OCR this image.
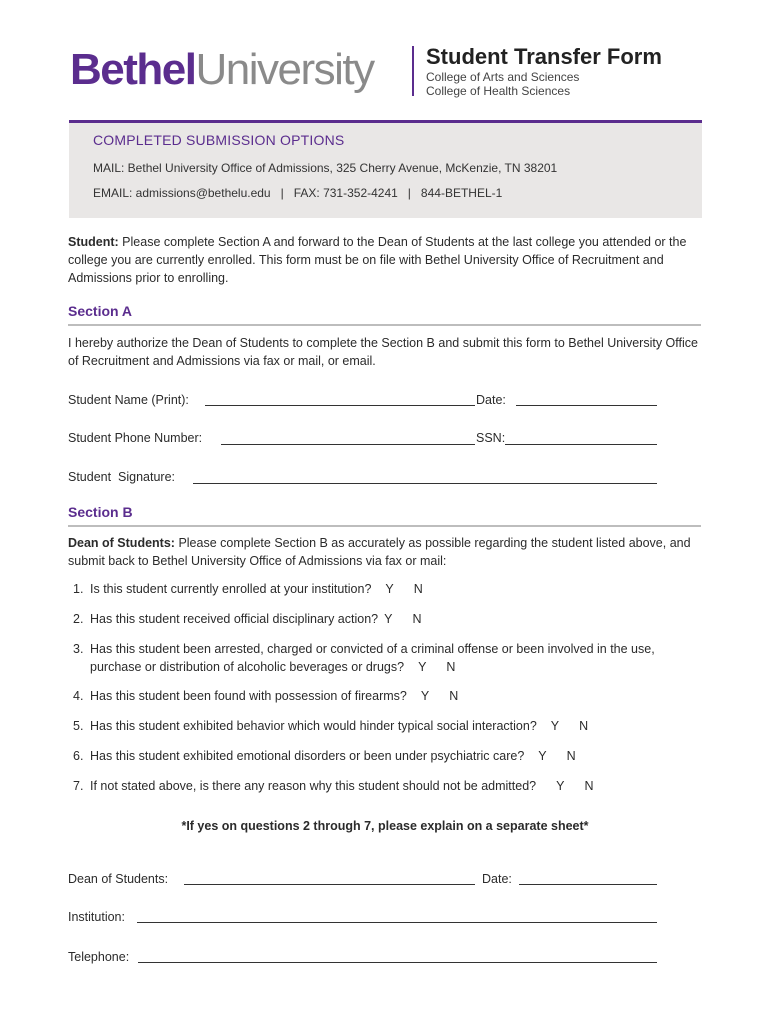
BethelUniversity Student Transfer Form
College of Arts and Sciences
College of Health Sciences
COMPLETED SUBMISSION OPTIONS
MAIL: Bethel University Office of Admissions, 325 Cherry Avenue, McKenzie, TN 38201
EMAIL: admissions@bethelu.edu   |   FAX: 731-352-4241   |   844-BETHEL-1
Student: Please complete Section A and forward to the Dean of Students at the last college you attended or the college you are currently enrolled. This form must be on file with Bethel University Office of Recruitment and Admissions prior to enrolling.
Section A
I hereby authorize the Dean of Students to complete the Section B and submit this form to Bethel University Office of Recruitment and Admissions via fax or mail, or email.
Student Name (Print):	Date:
Student Phone Number:	SSN:
Student  Signature:
Section B
Dean of Students: Please complete Section B as accurately as possible regarding the student listed above, and submit back to Bethel University Office of Admissions via fax or mail:
1. Is this student currently enrolled at your institution? Y N
2. Has this student received official disciplinary action? Y N
3. Has this student been arrested, charged or convicted of a criminal offense or been involved in the use, purchase or distribution of alcoholic beverages or drugs? Y N
4. Has this student been found with possession of firearms? Y N
5. Has this student exhibited behavior which would hinder typical social interaction? Y N
6. Has this student exhibited emotional disorders or been under psychiatric care? Y N
7. If not stated above, is there any reason why this student should not be admitted? Y N
*If yes on questions 2 through 7, please explain on a separate sheet*
Dean of Students:	Date:
Institution:
Telephone:
